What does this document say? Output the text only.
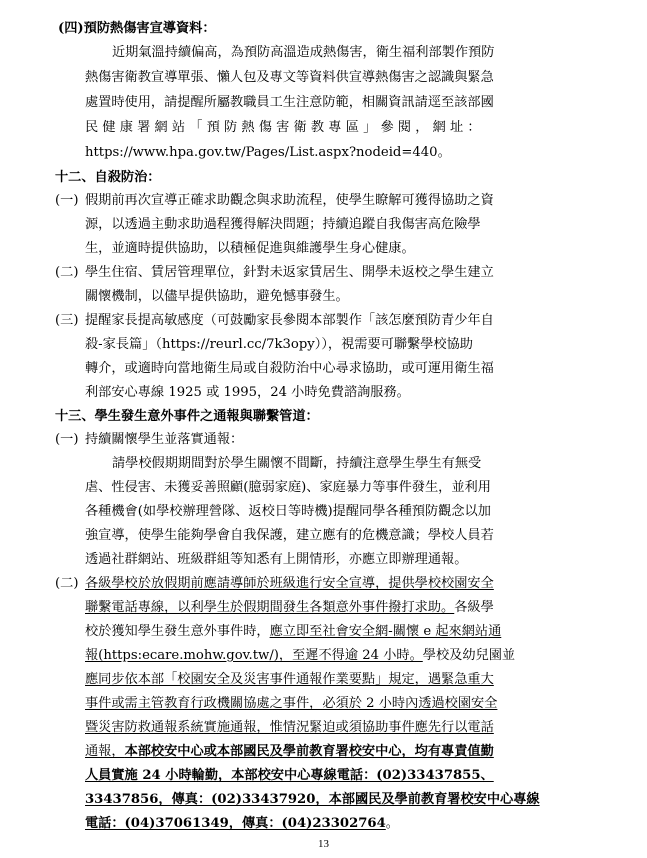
(四)預防熱傷害宣導資料：
近期氣溫持續偏高，為預防高溫造成熱傷害，衛生福利部製作預防
熱傷害衛教宣導單張、懶人包及專文等資料供宣導熱傷害之認識與緊急
處置時使用，請提醒所屬教職員工生注意防範，相關資訊請逕至該部國
民 健 康 署 網 站 「 預 防 熱 傷 害 衛 教 專 區 」 參 閱 ， 網 址 ：
https://www.hpa.gov.tw/Pages/List.aspx?nodeid=440。
十二、自殺防治：
(一) 假期前再次宣導正確求助觀念與求助流程，使學生瞭解可獲得協助之資
源，以透過主動求助過程獲得解決問題；持續追蹤自我傷害高危險學
生，並適時提供協助，以積極促進與維護學生身心健康。
(二) 學生住宿、賃居管理單位，針對未返家賃居生、開學未返校之學生建立
關懷機制，以儘早提供協助，避免憾事發生。
(三) 提醒家長提高敏感度（可鼓勵家長參閱本部製作「該怎麼預防青少年自
殺-家長篇」（https://reurl.cc/7k3opy）），視需要可聯繫學校協助
轉介，或適時向當地衛生局或自殺防治中心尋求協助，或可運用衛生福
利部安心專線 1925 或 1995，24 小時免費諮詢服務。
十三、學生發生意外事件之通報與聯繫管道：
(一) 持續關懷學生並落實通報：
請學校假期期間對於學生關懷不間斷，持續注意學生學生有無受
虐、性侵害、未獲妥善照顧(臆弱家庭)、家庭暴力等事件發生，並利用
各種機會(如學校辦理營隊、返校日等時機)提醒同學各種預防觀念以加
強宣導，使學生能夠學會自我保護，建立應有的危機意識；學校人員若
透過社群網站、班級群組等知悉有上開情形，亦應立即辦理通報。
(二) 各級學校於放假期前應請導師於班級進行安全宣導，提供學校校園安全
聯繫電話專線，以利學生於假期間發生各類意外事件撥打求助。各級學
校於獲知學生發生意外事件時，應立即至社會安全網-關懷 e 起來網站通
報(https:ecare.mohw.gov.tw/)，至遲不得逾 24 小時。學校及幼兒園並
應同步依本部「校園安全及災害事件通報作業要點」規定，遇緊急重大
事件或需主管教育行政機關協處之事件，必須於 2 小時內透過校園安全
暨災害防救通報系統實施通報，惟情況緊迫或須協助事件應先行以電話
通報，本部校安中心或本部國民及學前教育署校安中心，均有專責值勤
人員實施 24 小時輪勤，本部校安中心專線電話：(02)33437855、
33437856，傳真：(02)33437920，本部國民及學前教育署校安中心專線
電話：(04)37061349，傳真：(04)23302764。
13
